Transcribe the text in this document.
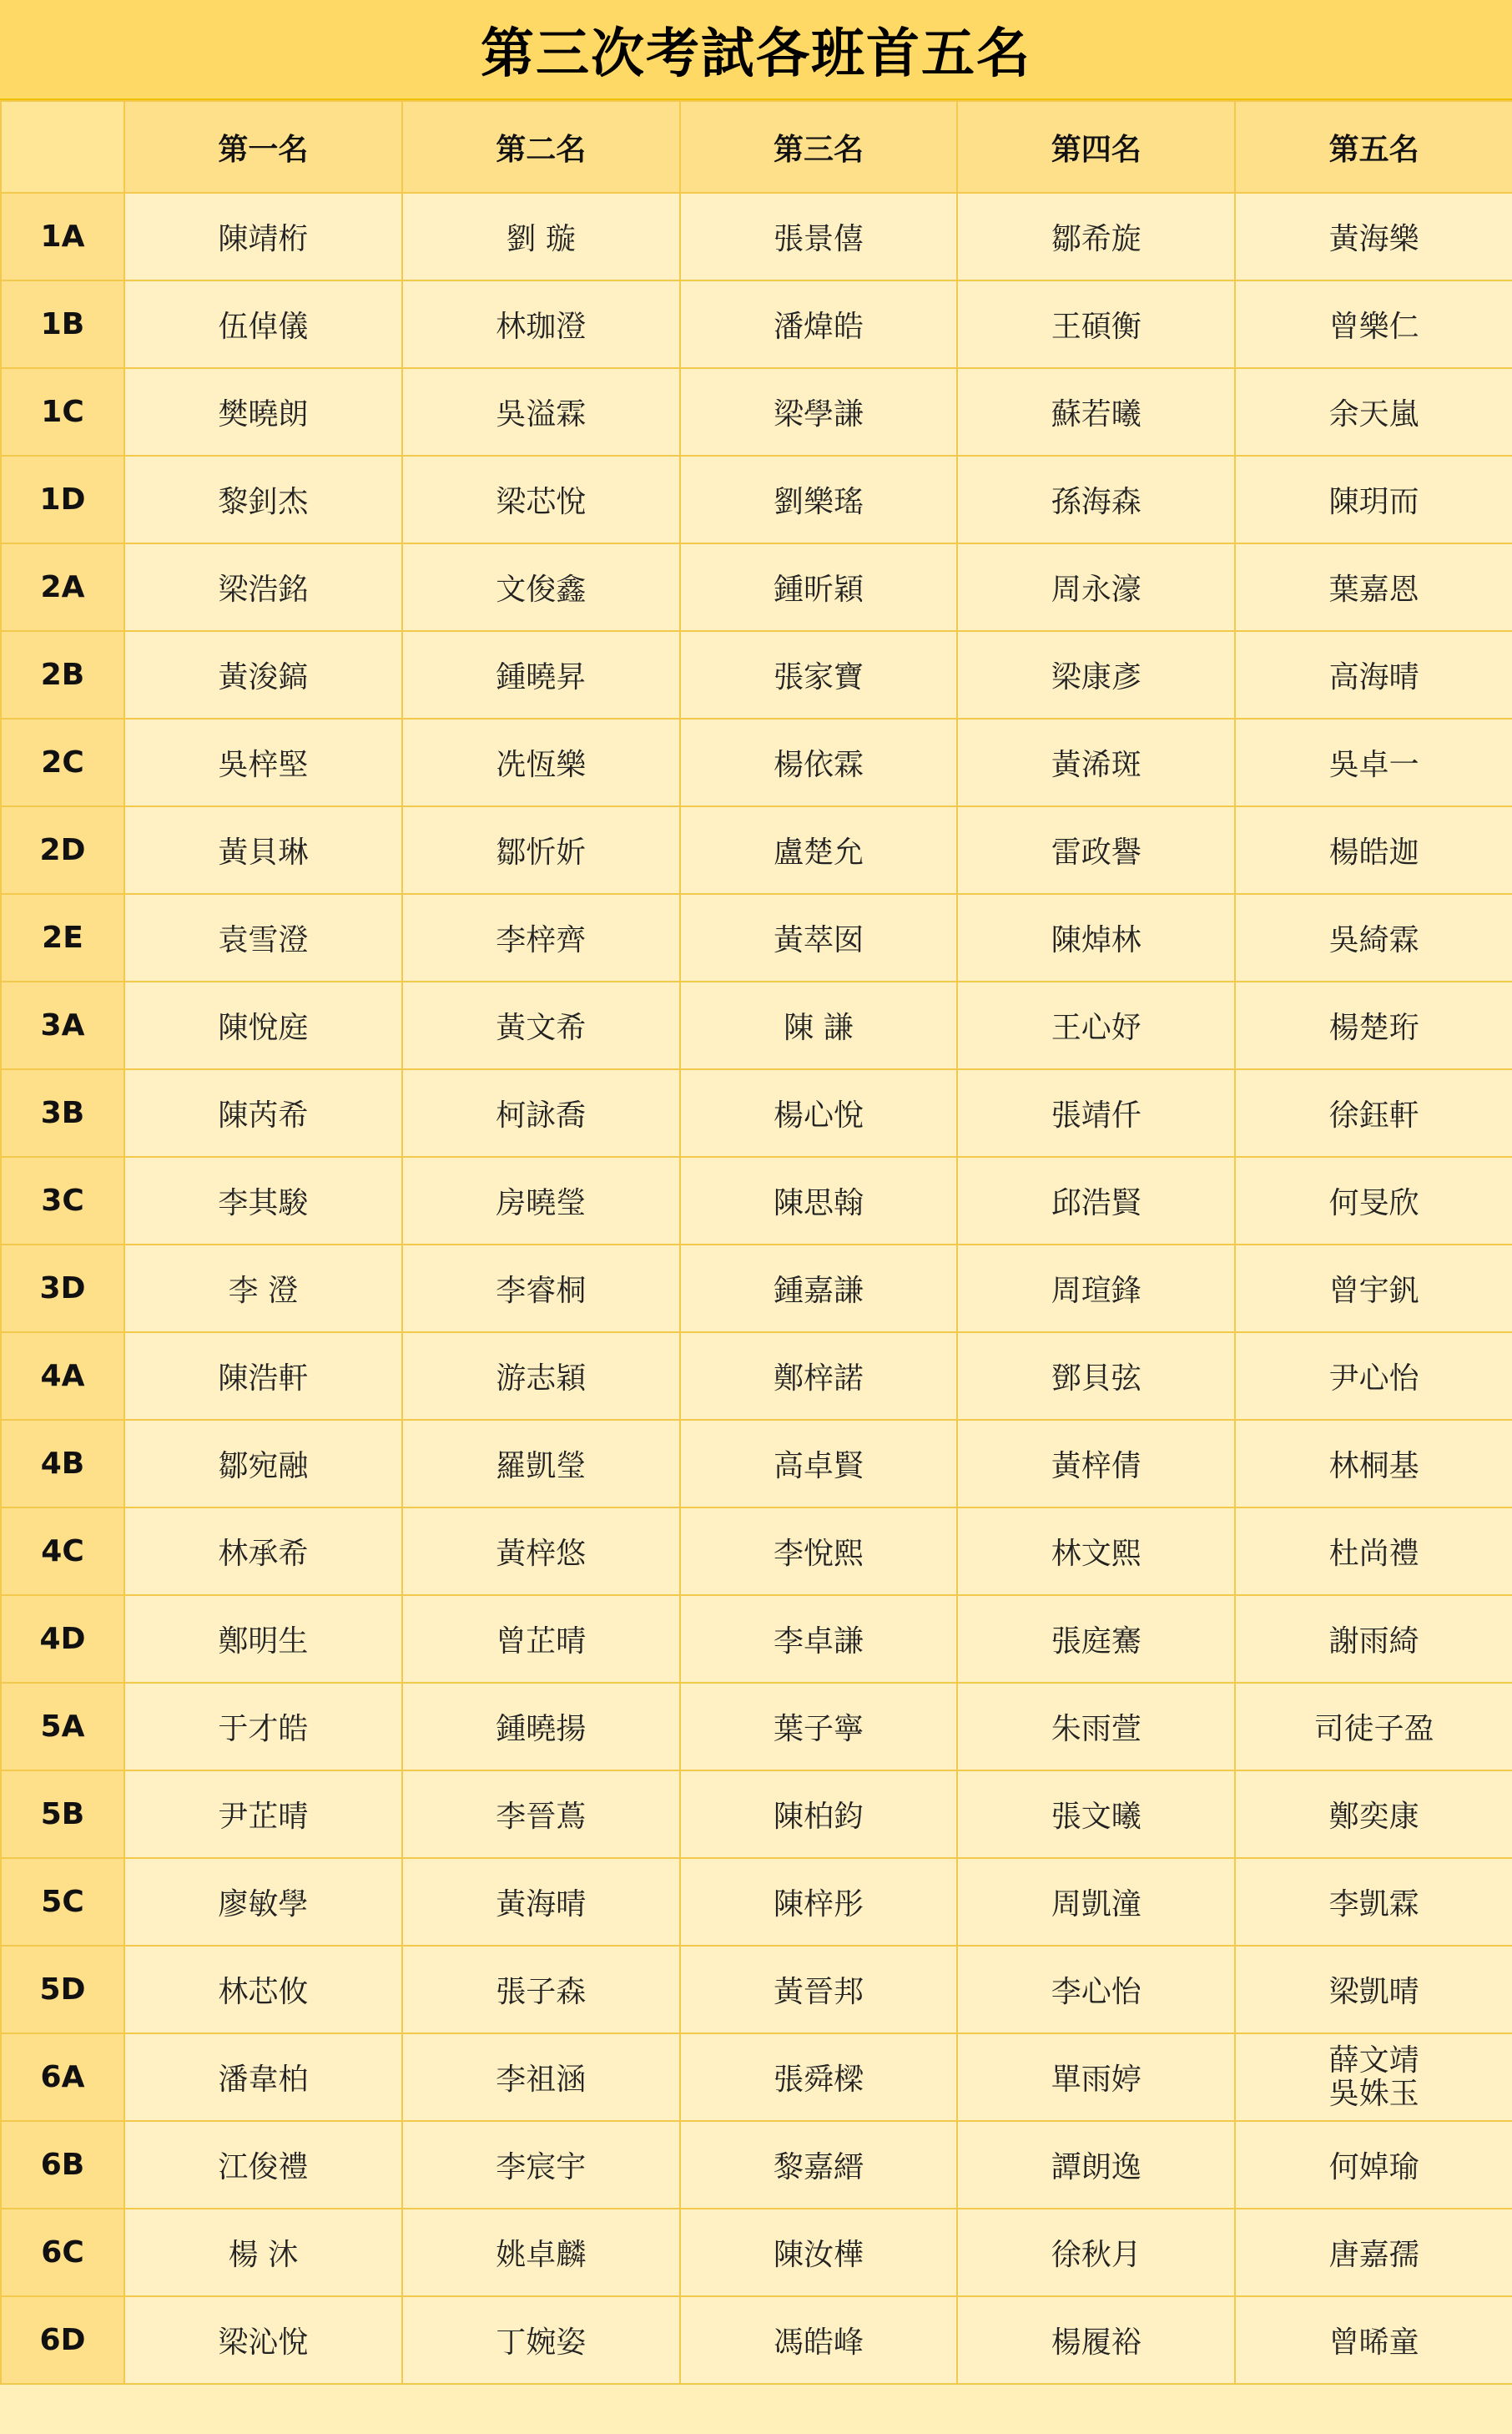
第三次考試各班首五名
	第一名	第二名	第三名	第四名	第五名
1A	陳靖桁	劉 璇	張景僖	鄒希旋	黃海樂
1B	伍倬儀	林珈澄	潘煒皓	王碩衡	曾樂仁
1C	樊曉朗	吳溢霖	梁學謙	蘇若曦	余天嵐
1D	黎釗杰	梁芯悅	劉樂瑤	孫海森	陳玥而
2A	梁浩銘	文俊鑫	鍾昕穎	周永濠	葉嘉恩
2B	黃浚鎬	鍾曉昇	張家寶	梁康彥	高海晴
2C	吳梓堅	冼恆樂	楊依霖	黃浠斑	吳卓一
2D	黃貝琳	鄒忻妡	盧楚允	雷政譽	楊皓迦
2E	袁雪澄	李梓齊	黃萃囡	陳焯林	吳綺霖
3A	陳悅庭	黃文希	陳 謙	王心妤	楊楚珩
3B	陳芮希	柯詠喬	楊心悅	張靖仟	徐鈺軒
3C	李其駿	房曉瑩	陳思翰	邱浩賢	何旻欣
3D	李 澄	李睿桐	鍾嘉謙	周瑄鋒	曾宇釩
4A	陳浩軒	游志穎	鄭梓諾	鄧貝弦	尹心怡
4B	鄒宛融	羅凱瑩	高卓賢	黃梓倩	林桐基
4C	林承希	黃梓悠	李悅熙	林文熙	杜尚禮
4D	鄭明生	曾芷晴	李卓謙	張庭騫	謝雨綺
5A	于才皓	鍾曉揚	葉子寧	朱雨萱	司徒子盈
5B	尹芷晴	李晉蔦	陳柏鈞	張文曦	鄭奕康
5C	廖敏學	黃海晴	陳梓彤	周凱潼	李凱霖
5D	林芯攸	張子森	黃晉邦	李心怡	梁凱晴
6A	潘韋柏	李祖涵	張舜樑	單雨婷	薛文靖
吳姝玉

6B	江俊禮	李宸宇	黎嘉縉	譚朗逸	何婥瑜
6C	楊 沐	姚卓麟	陳汝樺	徐秋月	唐嘉孺
6D	梁沁悅	丁婉姿	馮皓峰	楊履裕	曾晞童
